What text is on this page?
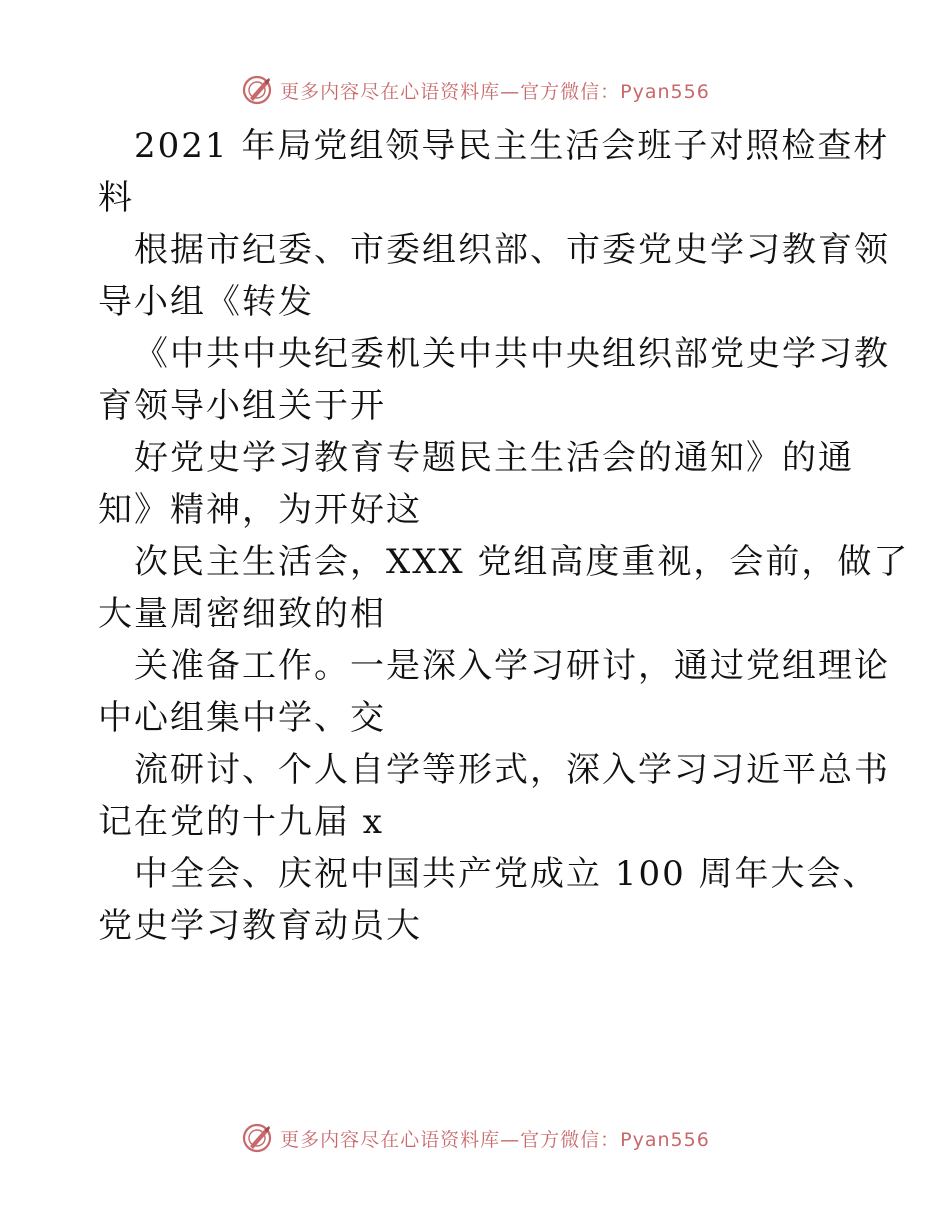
更多内容尽在心语资料库—官方微信：Pyan556
2021 年局党组领导民主生活会班子对照检查材
料
根据市纪委、市委组织部、市委党史学习教育领
导小组《转发
《中共中央纪委机关中共中央组织部党史学习教
育领导小组关于开
好党史学习教育专题民主生活会的通知》的通
知》精神，为开好这
次民主生活会，XXX 党组高度重视，会前，做了
大量周密细致的相
关准备工作。一是深入学习研讨，通过党组理论
中心组集中学、交
流研讨、个人自学等形式，深入学习习近平总书
记在党的十九届 x
中全会、庆祝中国共产党成立 100 周年大会、
党史学习教育动员大
更多内容尽在心语资料库—官方微信：Pyan556
